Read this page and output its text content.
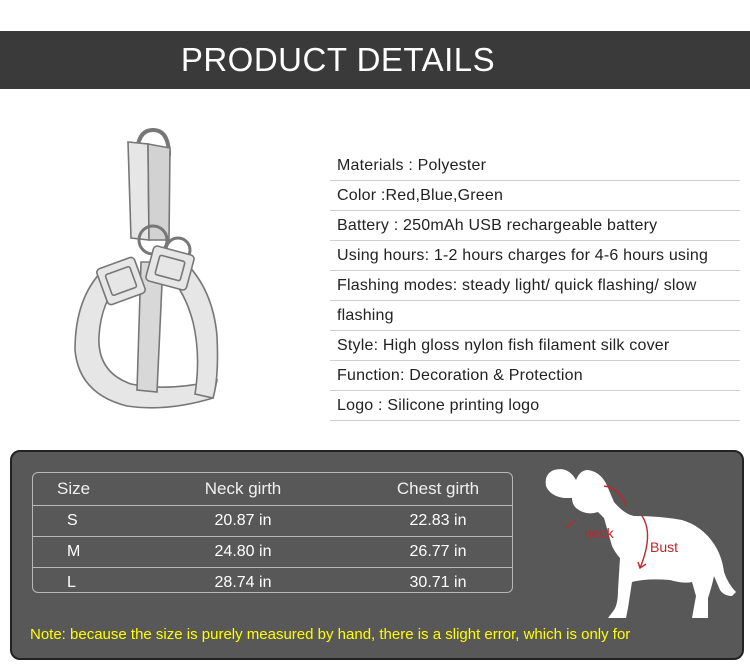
PRODUCT DETAILS
Materials : Polyester
Color :Red,Blue,Green
Battery : 250mAh USB rechargeable battery
Using hours: 1-2 hours charges for 4-6 hours using
Flashing modes: steady light/ quick flashing/ slow
flashing
Style: High gloss nylon fish filament silk cover
Function: Decoration & Protection
Logo : Silicone printing logo
Size	Neck girth	Chest girth
S	20.87 in	22.83 in
M	24.80 in	26.77 in
L	28.74 in	30.71 in
neck
Bust
Note: because the size is purely measured by hand, there is a slight error, which is only for
